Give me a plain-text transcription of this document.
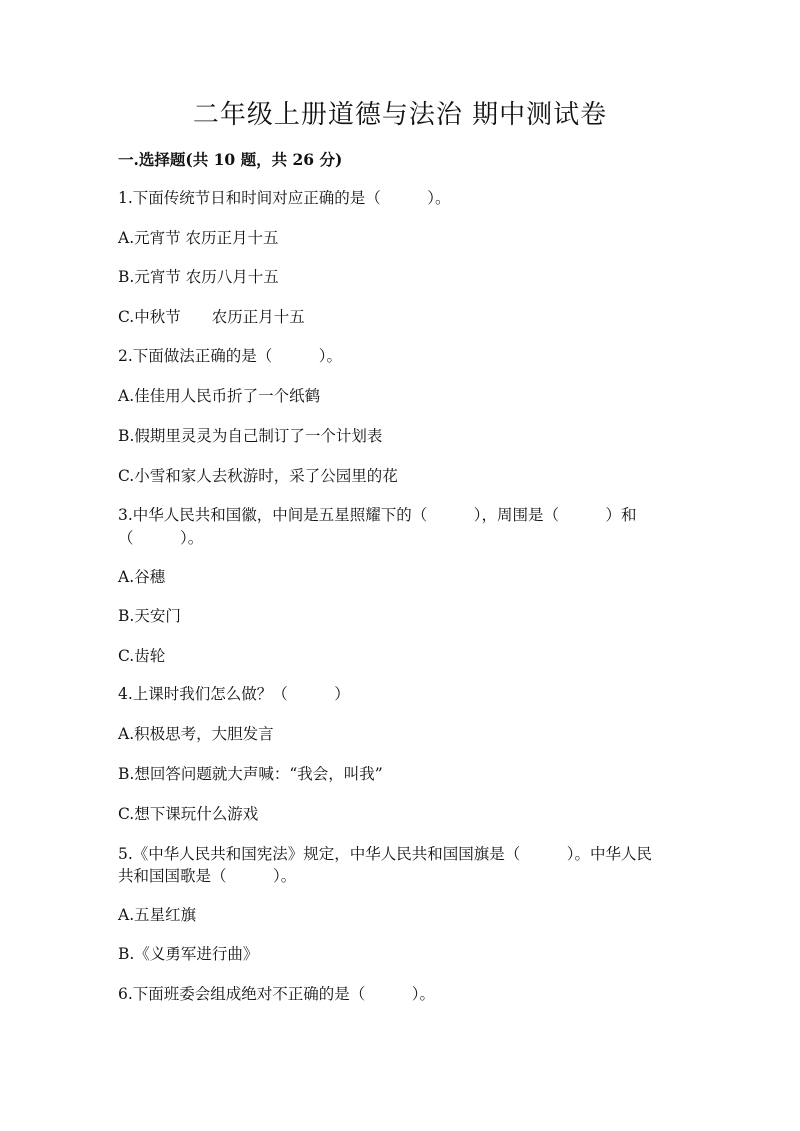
二年级上册道德与法治 期中测试卷

一.选择题(共 10 题，共 26 分)

1.下面传统节日和时间对应正确的是（　　　）。

A.元宵节 农历正月十五

B.元宵节 农历八月十五

C.中秋节　　农历正月十五

2.下面做法正确的是（　　　）。

A.佳佳用人民币折了一个纸鹤

B.假期里灵灵为自己制订了一个计划表

C.小雪和家人去秋游时，采了公园里的花

3.中华人民共和国徽，中间是五星照耀下的（　　　），周围是（　　　）和

（　　　）。

A.谷穗

B.天安门

C.齿轮

4.上课时我们怎么做？（　　　）

A.积极思考，大胆发言

B.想回答问题就大声喊：“我会，叫我”

C.想下课玩什么游戏

5.《中华人民共和国宪法》规定，中华人民共和国国旗是（　　　）。中华人民

共和国国歌是（　　　）。

A.五星红旗

B.《义勇军进行曲》

6.下面班委会组成绝对不正确的是（　　　）。
